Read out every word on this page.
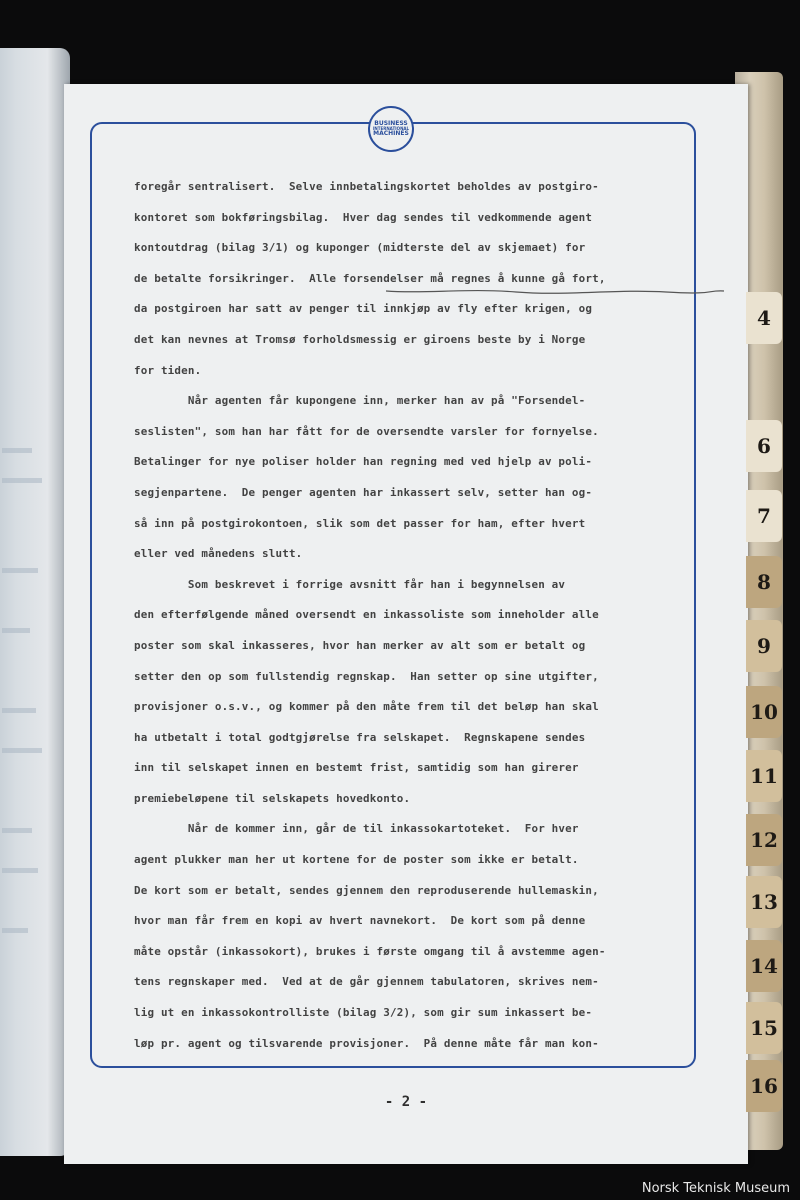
BUSINESS
INTERNATIONAL
MACHINES
foregår sentralisert.  Selve innbetalingskortet beholdes av postgiro-
kontoret som bokføringsbilag.  Hver dag sendes til vedkommende agent
kontoutdrag (bilag 3/1) og kuponger (midterste del av skjemaet) for
de betalte forsikringer.  Alle forsendelser må regnes å kunne gå fort,
da postgiroen har satt av penger til innkjøp av fly efter krigen, og
det kan nevnes at Tromsø forholdsmessig er giroens beste by i Norge
for tiden.
Når agenten får kupongene inn, merker han av på "Forsendel-
seslisten", som han har fått for de oversendte varsler for fornyelse.
Betalinger for nye poliser holder han regning med ved hjelp av poli-
segjenpartene.  De penger agenten har inkassert selv, setter han og-
så inn på postgirokontoen, slik som det passer for ham, efter hvert
eller ved månedens slutt.
Som beskrevet i forrige avsnitt får han i begynnelsen av
den efterfølgende måned oversendt en inkassoliste som inneholder alle
poster som skal inkasseres, hvor han merker av alt som er betalt og
setter den op som fullstendig regnskap.  Han setter op sine utgifter,
provisjoner o.s.v., og kommer på den måte frem til det beløp han skal
ha utbetalt i total godtgjørelse fra selskapet.  Regnskapene sendes
inn til selskapet innen en bestemt frist, samtidig som han girerer
premiebeløpene til selskapets hovedkonto.
Når de kommer inn, går de til inkassokartoteket.  For hver
agent plukker man her ut kortene for de poster som ikke er betalt.
De kort som er betalt, sendes gjennem den reproduserende hullemaskin,
hvor man får frem en kopi av hvert navnekort.  De kort som på denne
måte opstår (inkassokort), brukes i første omgang til å avstemme agen-
tens regnskaper med.  Ved at de går gjennem tabulatoren, skrives nem-
lig ut en inkassokontrolliste (bilag 3/2), som gir sum inkassert be-
løp pr. agent og tilsvarende provisjoner.  På denne måte får man kon-
- 2 -
4
6
7
8
9
10
11
12
13
14
15
16
Norsk Teknisk Museum
